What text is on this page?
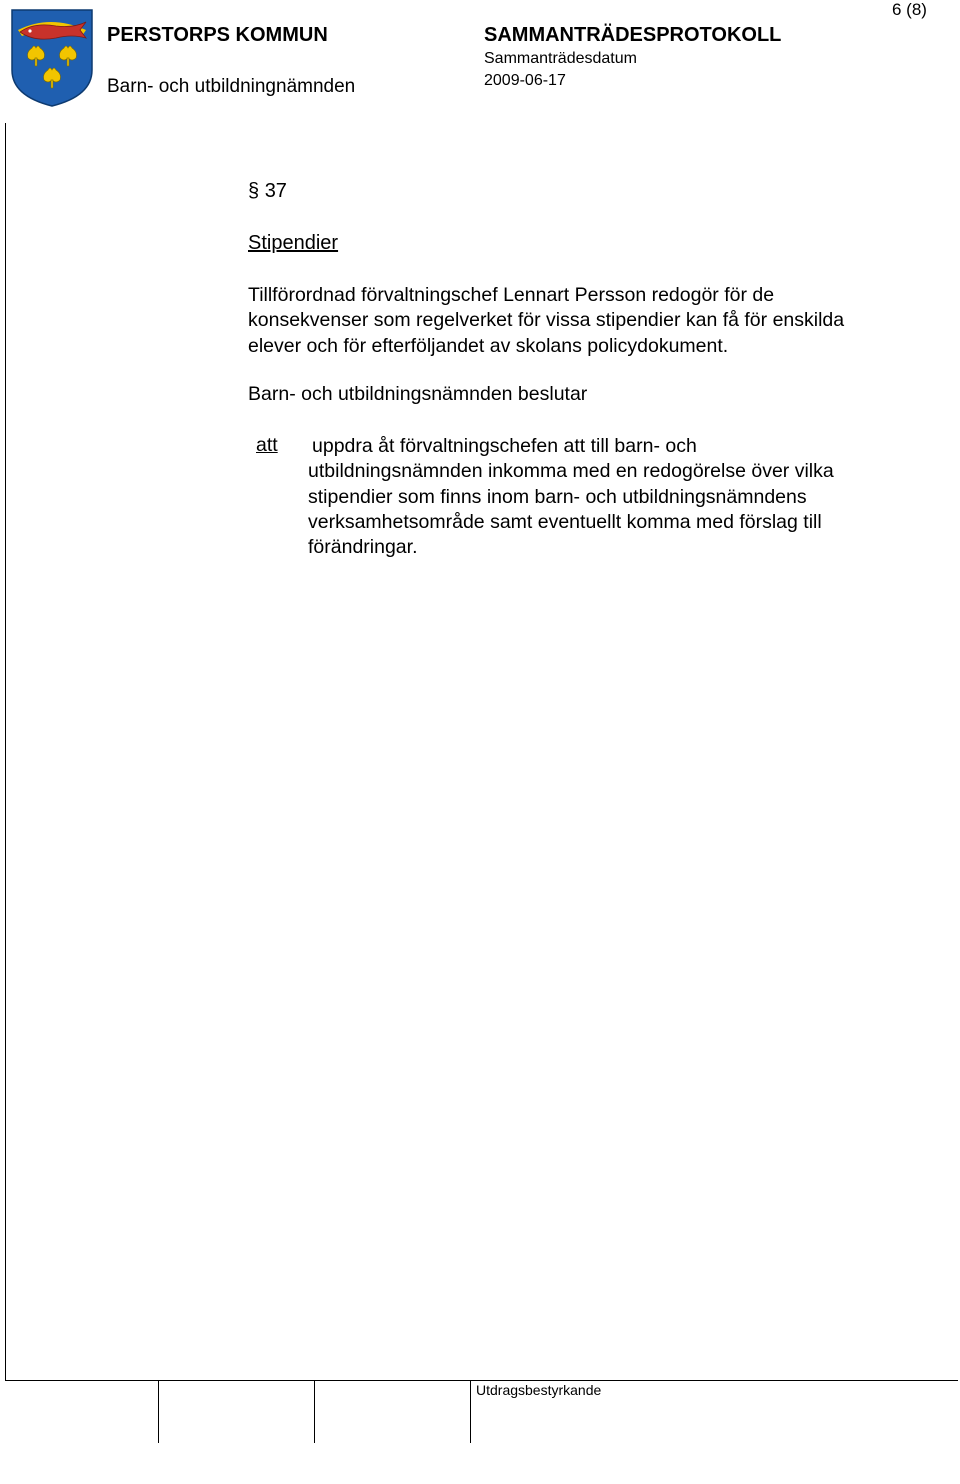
6 (8)
PERSTORPS KOMMUN
Barn- och utbildningnämnden
SAMMANTRÄDESPROTOKOLL
Sammanträdesdatum
2009-06-17
§ 37
Stipendier
Tillförordnad förvaltningschef Lennart Persson redogör för de
konsekvenser som regelverket för vissa stipendier kan få för enskilda
elever och för efterföljandet av skolans policydokument.
Barn- och utbildningsnämnden beslutar
att uppdra åt förvaltningschefen att till barn- och
utbildningsnämnden inkomma med en redogörelse över vilka
stipendier som finns inom barn- och utbildningsnämndens
verksamhetsområde samt eventuellt komma med förslag till
förändringar.
Utdragsbestyrkande
